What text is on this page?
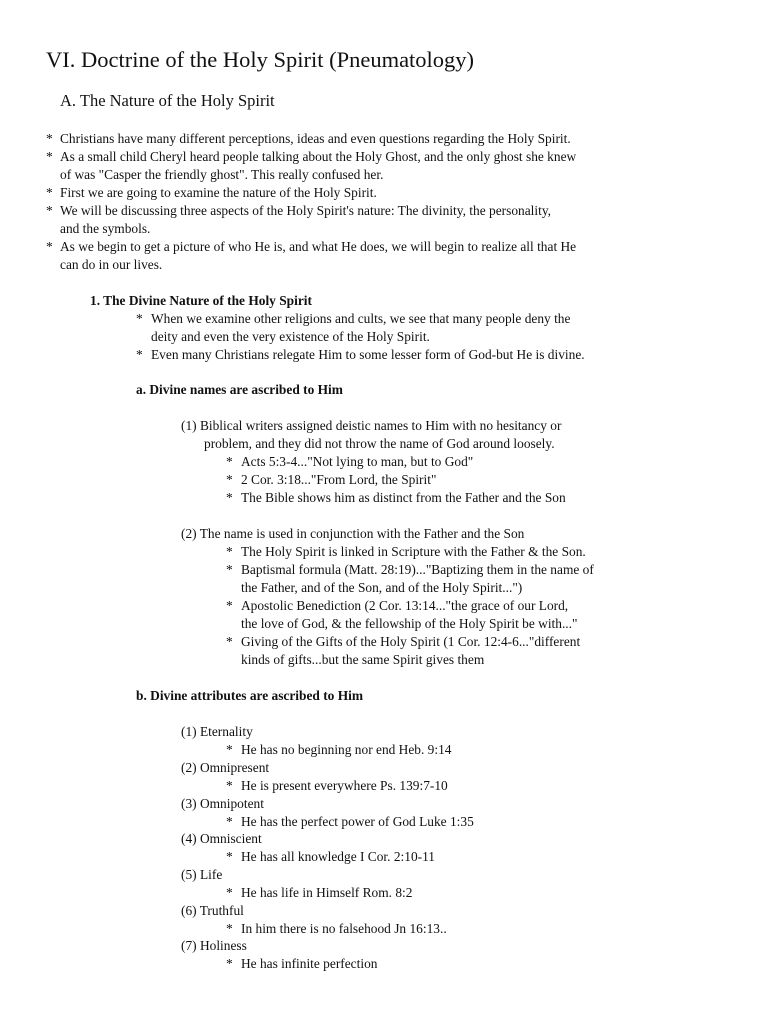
VI. Doctrine of the Holy Spirit (Pneumatology)
A. The Nature of the Holy Spirit
* Christians have many different perceptions, ideas and even questions regarding the Holy Spirit.
* As a small child Cheryl heard people talking about the Holy Ghost, and the only ghost she knew
of was "Casper the friendly ghost". This really confused her.
* First we are going to examine the nature of the Holy Spirit.
* We will be discussing three aspects of the Holy Spirit's nature: The divinity, the personality,
and the symbols.
* As we begin to get a picture of who He is, and what He does, we will begin to realize all that He
can do in our lives.
1. The Divine Nature of the Holy Spirit
* When we examine other religions and cults, we see that many people deny the
deity and even the very existence of the Holy Spirit.
* Even many Christians relegate Him to some lesser form of God-but He is divine.
a. Divine names are ascribed to Him
(1) Biblical writers assigned deistic names to Him with no hesitancy or
problem, and they did not throw the name of God around loosely.
* Acts 5:3-4..."Not lying to man, but to God"
* 2 Cor. 3:18..."From Lord, the Spirit"
* The Bible shows him as distinct from the Father and the Son
(2) The name is used in conjunction with the Father and the Son
* The Holy Spirit is linked in Scripture with the Father & the Son.
* Baptismal formula (Matt. 28:19)..."Baptizing them in the name of
the Father, and of the Son, and of the Holy Spirit...")
* Apostolic Benediction (2 Cor. 13:14..."the grace of our Lord,
the love of God, & the fellowship of the Holy Spirit be with..."
* Giving of the Gifts of the Holy Spirit (1 Cor. 12:4-6..."different
kinds of gifts...but the same Spirit gives them
b. Divine attributes are ascribed to Him
(1) Eternality
* He has no beginning nor end Heb. 9:14
(2) Omnipresent
* He is present everywhere Ps. 139:7-10
(3) Omnipotent
* He has the perfect power of God Luke 1:35
(4) Omniscient
* He has all knowledge I Cor. 2:10-11
(5) Life
* He has life in Himself Rom. 8:2
(6) Truthful
* In him there is no falsehood Jn 16:13..
(7) Holiness
* He has infinite perfection
